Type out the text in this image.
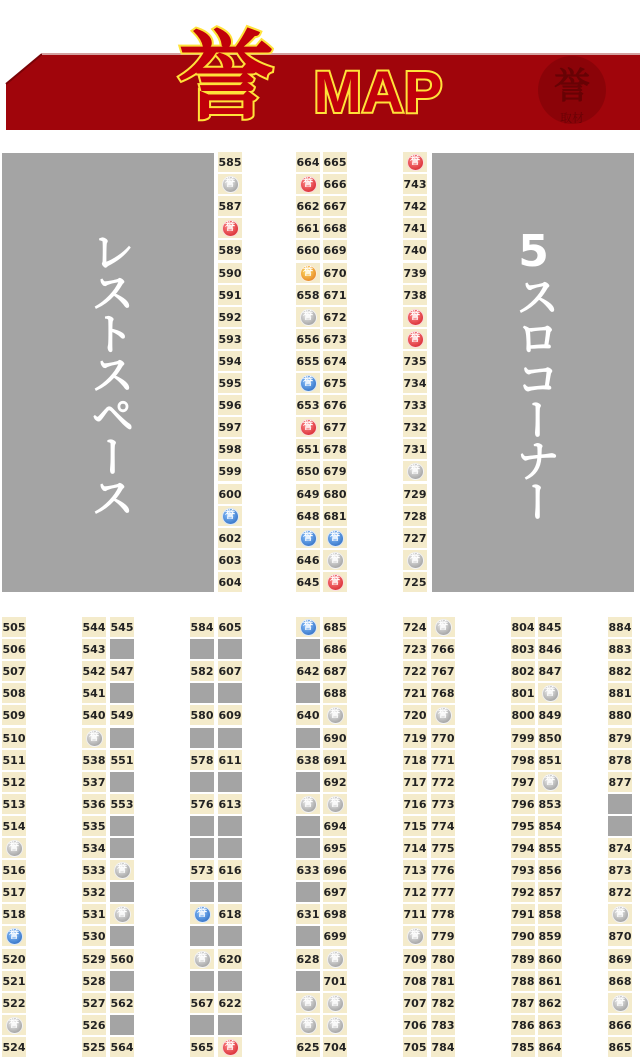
誉
取材
誉 MAP
レストスペース	5スロコーナー
585
誉
587
誉
589
590
591
592
593
594
595
596
597
598
599
600
誉
602
603
604
664
誉
662
661
660
誉
658
誉
656
655
誉
653
誉
651
650
649
648
誉
646
645
665
666
667
668
669
670
671
672
673
674
675
676
677
678
679
680
681
誉
誉
誉
誉
743
742
741
740
739
738
誉
誉
735
734
733
732
731
誉
729
728
727
誉
725
505
506
507
508
509
510
511
512
513
514
誉
516
517
518
誉
520
521
522
誉
524
544
543
542
541
540
誉
538
537
536
535
534
533
532
531
530
529
528
527
526
525
545
547
549
551
553
誉
誉
560
562
564
584
582
580
578
576
573
誉
誉
567
565
605
607
609
611
613
616
618
620
622
誉
誉
642
640
638
誉
633
631
628
誉
誉
625
685
686
687
688
誉
690
691
692
誉
694
695
696
697
698
699
誉
701
誉
誉
704
724
723
722
721
720
719
718
717
716
715
714
713
712
711
誉
709
708
707
706
705
誉
766
767
768
誉
770
771
772
773
774
775
776
777
778
779
780
781
782
783
784
804
803
802
801
800
799
798
797
796
795
794
793
792
791
790
789
788
787
786
785
845
846
847
誉
849
850
851
誉
853
854
855
856
857
858
859
860
861
862
863
864
884
883
882
881
880
879
878
877
874
873
872
誉
870
869
868
誉
866
865
